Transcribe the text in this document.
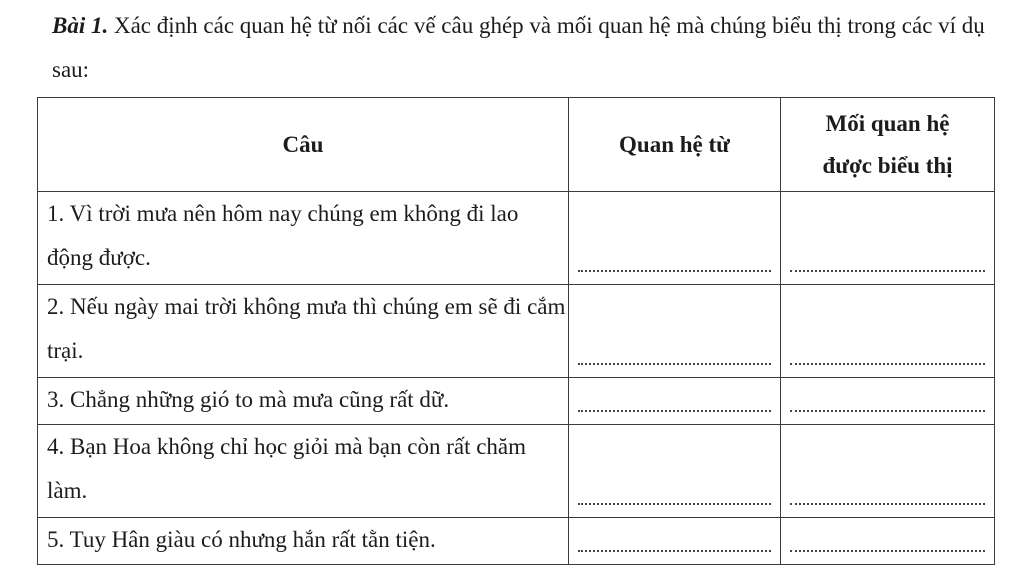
Bài 1. Xác định các quan hệ từ nối các vế câu ghép và mối quan hệ mà chúng biểu thị trong các ví dụ sau:

Câu	Quan hệ từ	Mối quan hệ
được biểu thị

1. Vì trời mưa nên hôm nay chúng em không đi lao động được.	

2. Nếu ngày mai trời không mưa thì chúng em sẽ đi cắm trại.	

3. Chẳng những gió to mà mưa cũng rất dữ.	

4. Bạn Hoa không chỉ học giỏi mà bạn còn rất chăm làm.	

5. Tuy Hân giàu có nhưng hắn rất tằn tiện.	
